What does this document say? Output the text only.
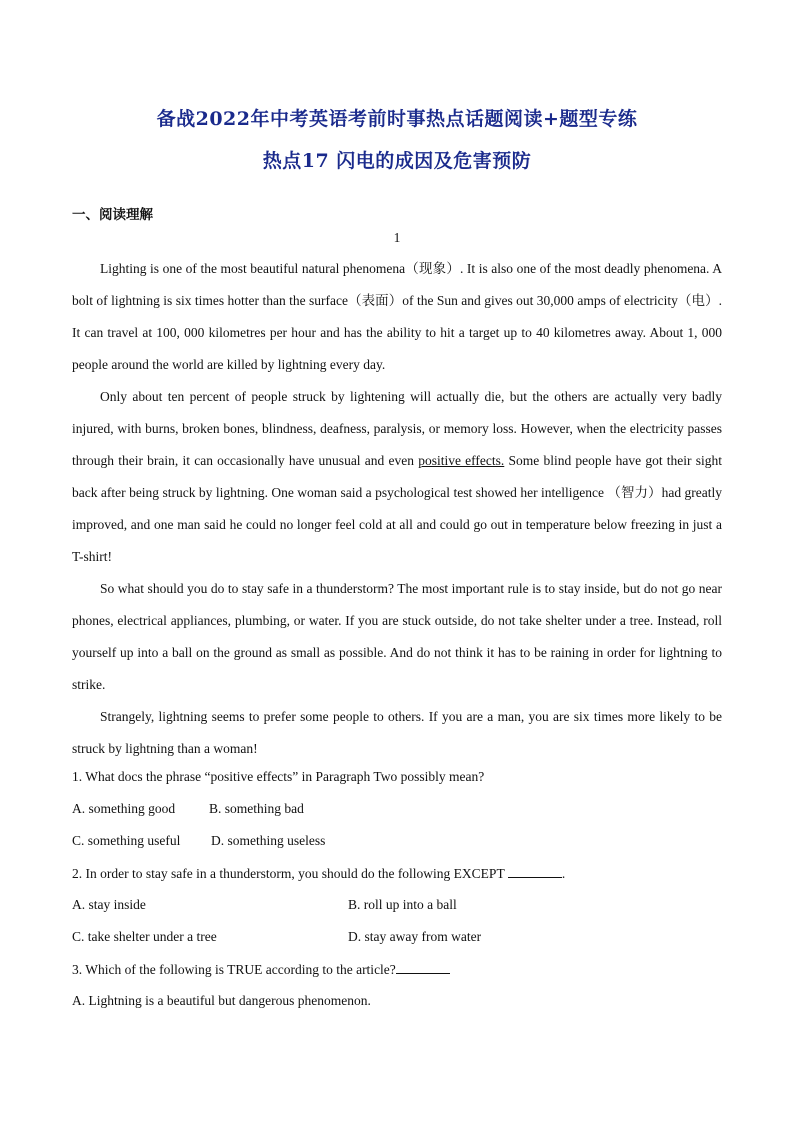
备战2022年中考英语考前时事热点话题阅读+题型专练
热点17 闪电的成因及危害预防
一、阅读理解
1

Lighting is one of the most beautiful natural phenomena（现象）. It is also one of the most deadly phenomena. A bolt of lightning is six times hotter than the surface（表面）of the Sun and gives out 30,000 amps of electricity（电）. It can travel at 100, 000 kilometres per hour and has the ability to hit a target up to 40 kilometres away. About 1, 000 people around the world are killed by lightning every day.

Only about ten percent of people struck by lightening will actually die, but the others are actually very badly injured, with burns, broken bones, blindness, deafness, paralysis, or memory loss. However, when the electricity passes through their brain, it can occasionally have unusual and even positive effects. Some blind people have got their sight back after being struck by lightning. One woman said a psychological test showed her intelligence （智力）had greatly improved, and one man said he could no longer feel cold at all and could go out in temperature below freezing in just a T-shirt!

So what should you do to stay safe in a thunderstorm? The most important rule is to stay inside, but do not go near phones, electrical appliances, plumbing, or water. If you are stuck outside, do not take shelter under a tree. Instead, roll yourself up into a ball on the ground as small as possible. And do not think it has to be raining in order for lightning to strike.

Strangely, lightning seems to prefer some people to others. If you are a man, you are six times more likely to be struck by lightning than a woman!

1. What docs the phrase “positive effects” in Paragraph Two possibly mean?
A. something good	B. something bad
C. something useful D. something useless
2. In order to stay safe in a thunderstorm, you should do the following EXCEPT	.
A. stay inside	B. roll up into a ball
C. take shelter under a tree	D. stay away from water
3. Which of the following is TRUE according to the article?
A. Lightning is a beautiful but dangerous phenomenon.
